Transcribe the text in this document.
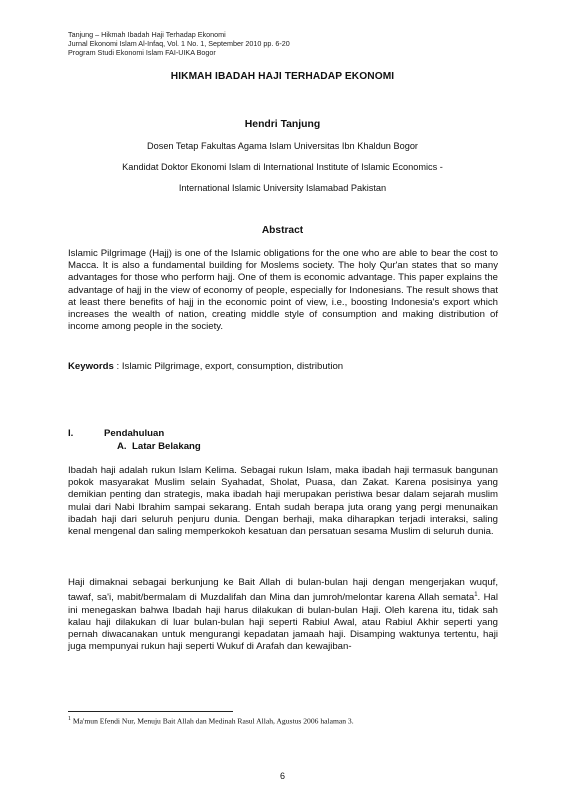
Tanjung – Hikmah Ibadah Haji Terhadap Ekonomi
Jurnal Ekonomi Islam Al-Infaq, Vol. 1 No. 1, September 2010 pp. 6-20
Program Studi Ekonomi Islam FAI-UIKA Bogor
HIKMAH IBADAH HAJI TERHADAP EKONOMI
Hendri Tanjung
Dosen Tetap Fakultas Agama Islam Universitas Ibn Khaldun Bogor
Kandidat Doktor Ekonomi Islam di International Institute of Islamic Economics -
International Islamic University Islamabad Pakistan
Abstract

Islamic Pilgrimage (Hajj) is one of the Islamic obligations for the one who are able to bear the cost to Macca. It is also a fundamental building for Moslems society. The holy Qur'an states that so many advantages for those who perform hajj. One of them is economic advantage. This paper explains the advantage of hajj in the view of economy of people, especially for Indonesians. The result shows that at least there benefits of hajj in the economic point of view, i.e., boosting Indonesia's export which increases the wealth of nation, creating middle style of consumption and making distribution of income among people in the society.

Keywords : Islamic Pilgrimage, export, consumption, distribution
I.	Pendahuluan
A. Latar Belakang

Ibadah haji adalah rukun Islam Kelima. Sebagai rukun Islam, maka ibadah haji termasuk bangunan pokok masyarakat Muslim selain Syahadat, Sholat, Puasa, dan Zakat. Karena posisinya yang demikian penting dan strategis, maka ibadah haji merupakan peristiwa besar dalam sejarah muslim mulai dari Nabi Ibrahim sampai sekarang. Entah sudah berapa juta orang yang pergi menunaikan ibadah haji dari seluruh penjuru dunia. Dengan berhaji, maka diharapkan terjadi interaksi, saling kenal mengenal dan saling memperkokoh kesatuan dan persatuan sesama Muslim di seluruh dunia.

Haji dimaknai sebagai berkunjung ke Bait Allah di bulan-bulan haji dengan mengerjakan wuquf, tawaf, sa'i, mabit/bermalam di Muzdalifah dan Mina dan jumroh/melontar karena Allah semata$^1$. Hal ini menegaskan bahwa Ibadah haji harus dilakukan di bulan-bulan Haji. Oleh karena itu, tidak sah kalau haji dilakukan di luar bulan-bulan haji seperti Rabiul Awal, atau Rabiul Akhir seperti yang pernah diwacanakan untuk mengurangi kepadatan jamaah haji. Disamping waktunya tertentu, haji juga mempunyai rukun haji seperti Wukuf di Arafah dan kewajiban-

$^1$ Ma'mun Efendi Nur, Menuju Bait Allah dan Medinah Rasul Allah, Agustus 2006 halaman 3.
6
